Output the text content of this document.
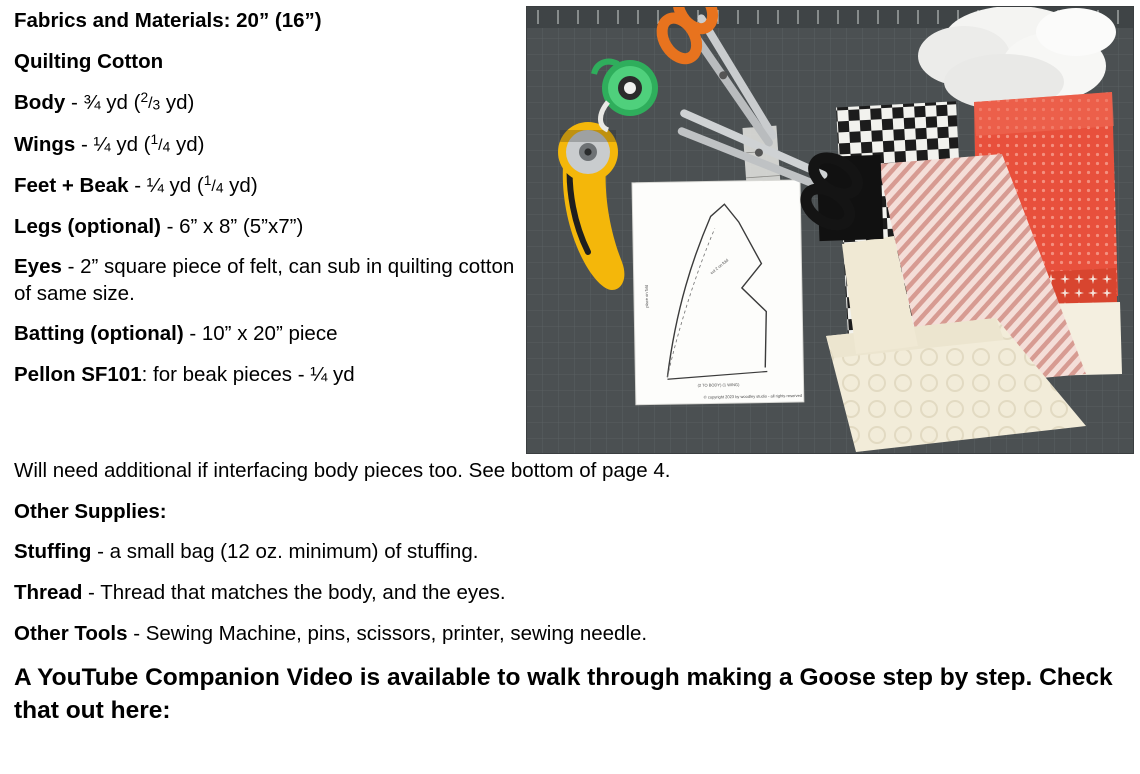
Fabrics and Materials: 20” (16”)

Quilting Cotton

Body - ¾ yd ($^2$/3 yd)

Wings - ¼ yd ($^1$/4 yd)

Feet + Beak - ¼ yd ($^1$/4 yd)

Legs (optional) - 6” x 8” (5”x7”)

Eyes - 2” square piece of felt, can sub in quilting cotton of same size.

Batting (optional) - 10” x 20” piece

Pellon SF101: for beak pieces - ¼ yd

Will need additional if interfacing body pieces too. See bottom of page 4.

Other Supplies:

Stuffing - a small bag (12 oz. minimum) of stuffing.

Thread - Thread that matches the body, and the eyes.

Other Tools - Sewing Machine, pins, scissors, printer, sewing needle.

A YouTube Companion Video is available to walk through making a Goose step by step. Check that out here:

place on fold
© copyright 2023 by woodley studio - all rights reserved
(2 TO BODY) (1 WING)
cut 2 on fold
